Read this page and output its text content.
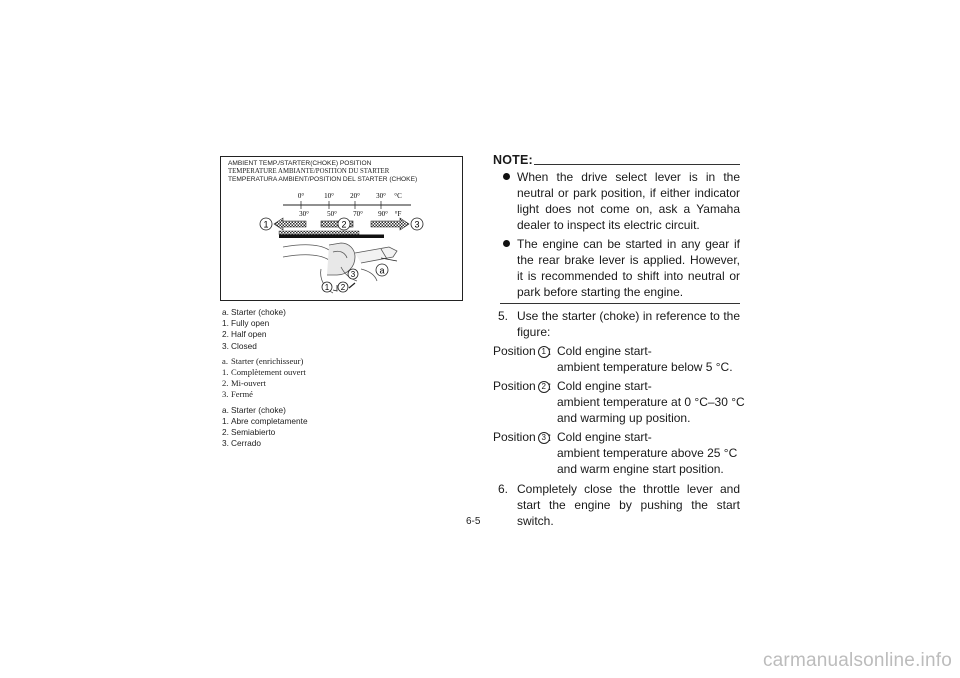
AMBIENT TEMP./STARTER(CHOKE) POSITION
TEMPERATURE AMBIANTE/POSITION DU STARTER
TEMPERATURA AMBIENT/POSITION DEL STARTER (CHOKE)
0°	10° 20° 30° °C
30°	50° 70° 90° °F
1	2	3
3	a
1 2
a. Starter (choke)
1. Fully open
2. Half open
3. Closed
a. Starter (enrichisseur)
1. Complètement ouvert
2. Mi-ouvert
3. Fermé
a. Starter (choke)
1. Abre completamente
2. Semiabierto
3. Cerrado
NOTE:
When the drive select lever is in the neutral or park position, if either indicator light does not come on, ask a Yamaha dealer to inspect its electric circuit.
The engine can be started in any gear if the rear brake lever is applied. However, it is recommended to shift into neutral or park before starting the engine.
5. Use the starter (choke) in reference to the figure:
Position 1 : Cold engine start-
ambient temperature below 5 °C.
Position 2 : Cold engine start-
ambient temperature at 0 °C–30 °C
and warming up position.
Position 3 : Cold engine start-
ambient temperature above 25 °C
and warm engine start position.
6. Completely close the throttle lever and start the engine by pushing the start switch.
6-5
carmanualsonline.info
